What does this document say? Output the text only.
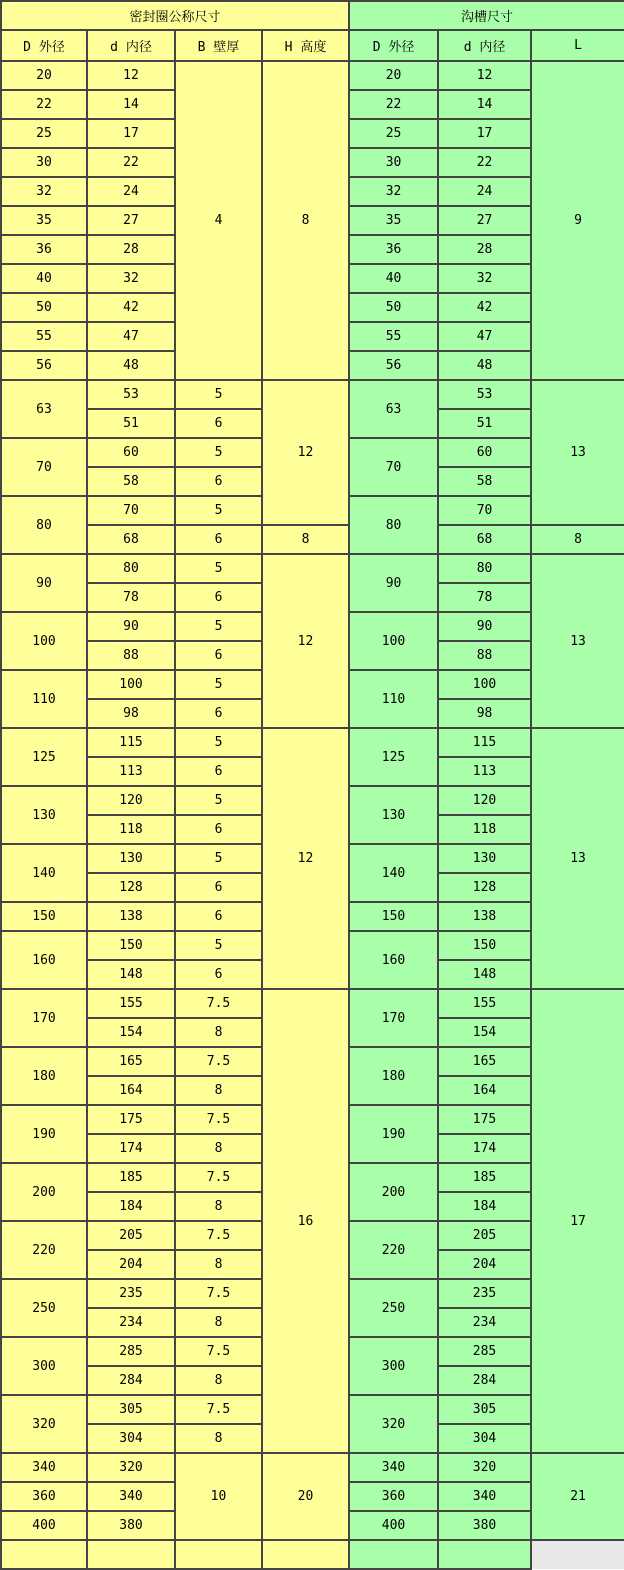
密封圈公称尺寸				沟槽尺寸		
D 外径	d 内径	B 壁厚	H 高度	D 外径	d 内径	L
20	12	4	8	20	12	9
22	14			22	14	
25	17			25	17	
30	22			30	22	
32	24			32	24	
35	27			35	27	
36	28			36	28	
40	32			40	32	
50	42			50	42	
55	47			55	47	
56	48			56	48	
63	53	5	12	63	53	13
	51	6			51	
70	60	5		70	60	
	58	6			58	
80	70	5		80	70	
	68	6	8		68	8
90	80	5	12	90	80	13
	78	6			78	
100	90	5		100	90	
	88	6			88	
110	100	5		110	100	
	98	6			98	
125	115	5	12	125	115	13
	113	6			113	
130	120	5		130	120	
	118	6			118	
140	130	5		140	130	
	128	6			128	
150	138	6		150	138	
160	150	5		160	150	
	148	6			148	
170	155	7.5	16	170	155	17
	154	8			154	
180	165	7.5		180	165	
	164	8			164	
190	175	7.5		190	175	
	174	8			174	
200	185	7.5		200	185	
	184	8			184	
220	205	7.5		220	205	
	204	8			204	
250	235	7.5		250	235	
	234	8			234	
300	285	7.5		300	285	
	284	8			284	
320	305	7.5		320	305	
	304	8			304	
340	320	10	20	340	320	21
360	340			360	340	
400	380			400	380	
